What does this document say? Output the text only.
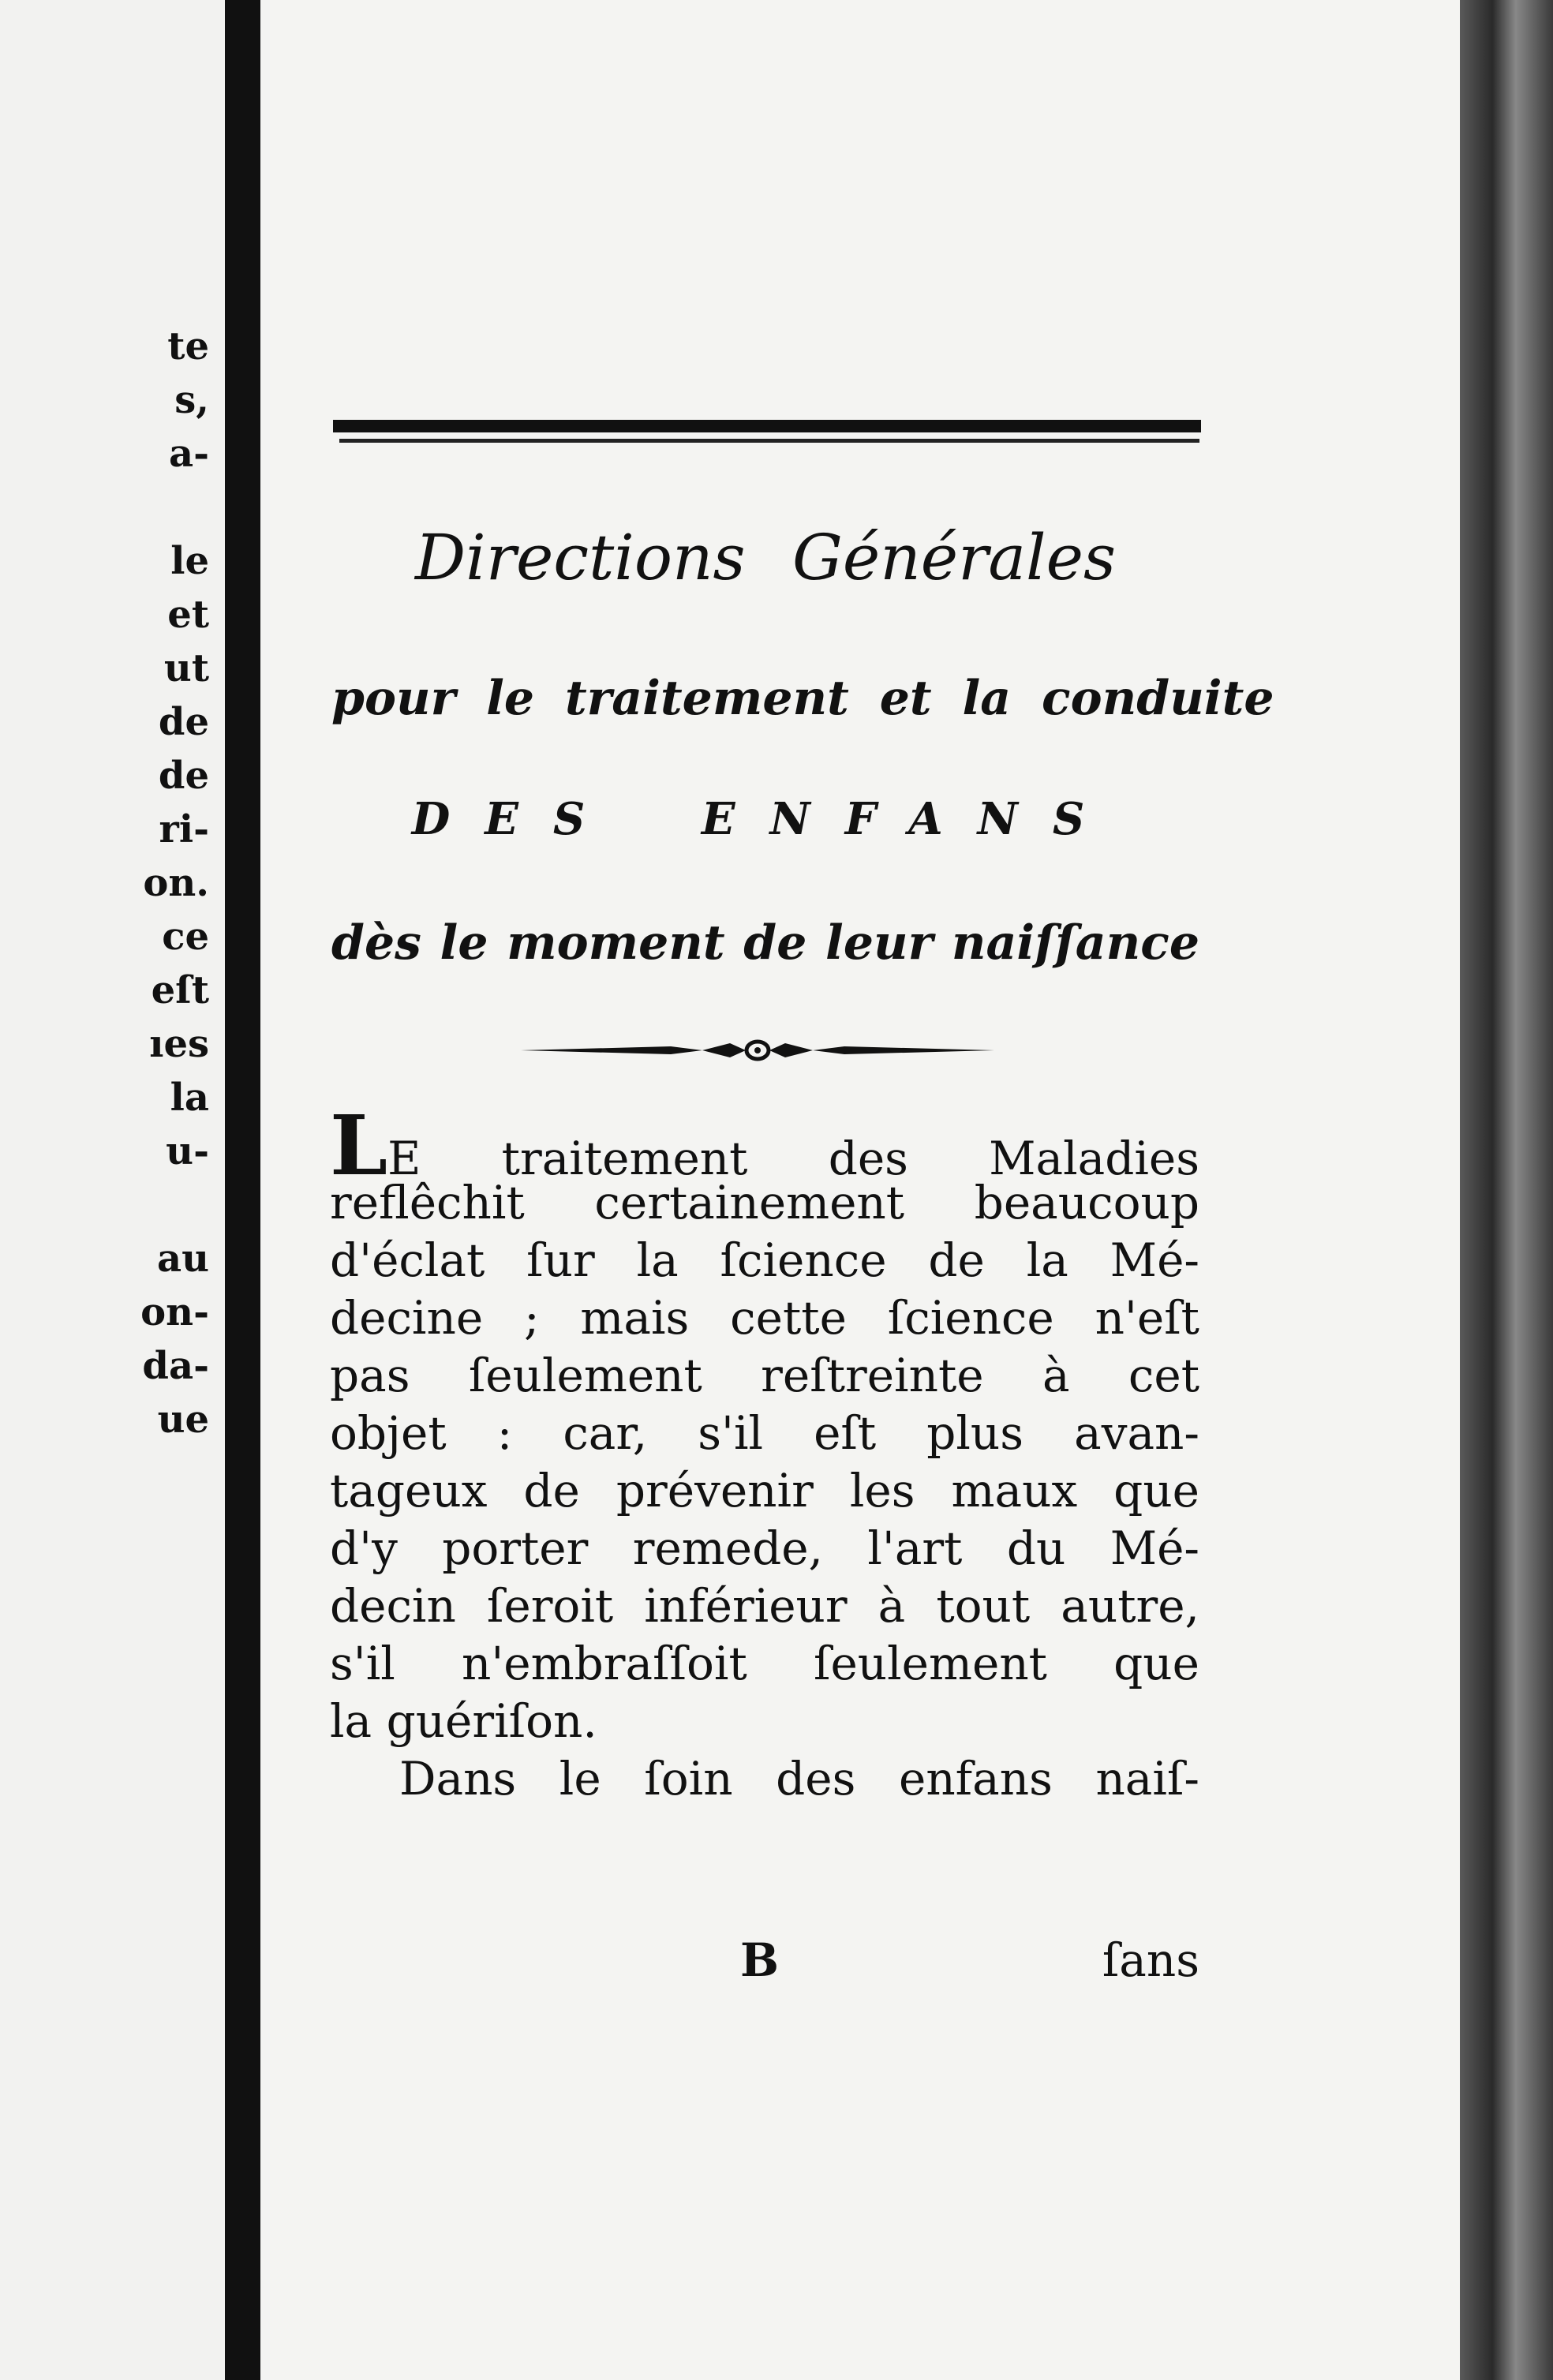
te
s,
a-

le
et
ut
de
de
ri-
on.
ce
eſt
ıes
la
u-

au
on-
da-
ue
Directions Générales
pour le traitement et la conduite
DES ENFANS
dès le moment de leur naiſſance
LE traitement des Maladies
reflêchit certainement beaucoup
d'éclat ſur la ſcience de la Mé-
decine ; mais cette ſcience n'eſt
pas ſeulement reſtreinte à cet
objet : car, s'il eſt plus avan-
tageux de prévenir les maux que
d'y porter remede, l'art du Mé-
decin ſeroit inférieur à tout autre,
s'il n'embraſſoit ſeulement que
la guériſon.
Dans le ſoin des enfans naiſ-
B	ſans
